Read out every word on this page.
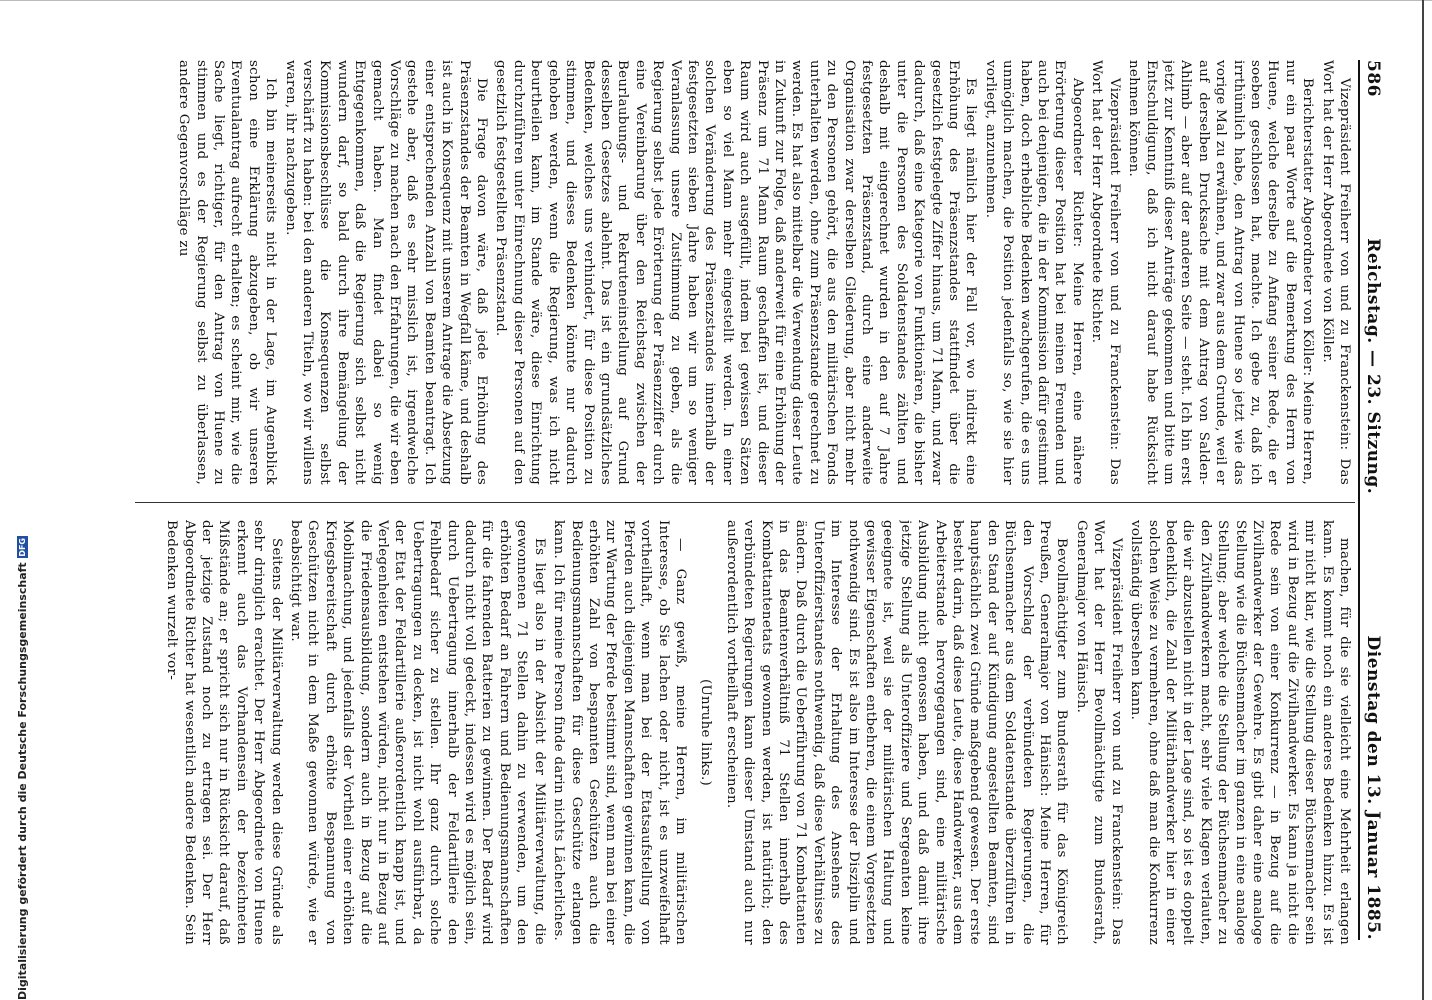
586
Reichstag. — 23. Sitzung.
Dienstag den 13. Januar 1885.

Vizepräsident Freiherr von und zu Franckenstein: Das Wort hat der Herr Abgeordnete von Köller.

Berichterstatter Abgeordneter von Köller: Meine Herren, nur ein paar Worte auf die Bemerkung des Herrn von Huene, welche derselbe zu Anfang seiner Rede, die er soeben geschlossen hat, machte. Ich gebe zu, daß ich irrthümlich habe, den Antrag von Huene so jetzt wie das vorige Mal zu erwähnen, und zwar aus dem Grunde, weil er auf derselben Drucksache mit dem Antrag von Salden-Ahlimb — aber auf der anderen Seite — steht. Ich bin erst jetzt zur Kenntniß dieser Anträge gekommen und bitte um Entschuldigung, daß ich nicht darauf habe Rücksicht nehmen können.

Vizepräsident Freiherr von und zu Franckenstein: Das Wort hat der Herr Abgeordnete Richter.

Abgeordneter Richter: Meine Herren, eine nähere Erörterung dieser Position hat bei meinen Freunden und auch bei denjenigen, die in der Kommission dafür gestimmt haben, doch erhebliche Bedenken wachgerufen, die es uns unmöglich machen, die Position jedenfalls so, wie sie hier vorliegt, anzunehmen.

Es liegt nämlich hier der Fall vor, wo indirekt eine Erhöhung des Präsenzstandes stattfindet über die gesetzlich festgelegte Ziffer hinaus, um 71 Mann, und zwar dadurch, daß eine Kategorie von Funktionären, die bisher unter die Personen des Soldatenstandes zählten und deshalb mit eingerechnet wurden in den auf 7 Jahre festgesetzten Präsenzstand, durch eine anderweite Organisation zwar derselben Gliederung, aber nicht mehr zu den Personen gehört, die aus den militärischen Fonds unterhalten werden, ohne zum Präsenzstande gerechnet zu werden. Es hat also mittelbar die Verwendung dieser Leute in Zukunft zur Folge, daß anderweit für eine Erhöhung der Präsenz um 71 Mann Raum geschaffen ist, und dieser Raum wird auch ausgefüllt, indem bei gewissen Sätzen eben so viel Mann mehr eingestellt werden. In einer solchen Veränderung des Präsenzstandes innerhalb der festgesetzten sieben Jahre haben wir um so weniger Veranlassung unsere Zustimmung zu geben, als die Regierung selbst jede Erörterung der Präsenzziffer durch eine Vereinbarung über den Reichstag zwischen der Beurlaubungs- und Rekruteneinstellung auf Grund desselben Gesetzes ablehnt. Das ist ein grundsätzliches Bedenken, welches uns verhindert, für diese Position zu stimmen, und dieses Bedenken könnte nur dadurch gehoben werden, wenn die Regierung, was ich nicht beurtheilen kann, im Stande wäre, diese Einrichtung durchzuführen unter Einrechnung dieser Personen auf den gesetzlich festgestellten Präsenzstand.

Die Frage davon wäre, daß jede Erhöhung des Präsenzstandes der Beamten in Wegfall käme, und deshalb ist auch in Konsequenz mit unserem Antrage die Absetzung einer entsprechenden Anzahl von Beamten beantragt. Ich gestehe aber, daß es sehr misslich ist, irgendwelche Vorschläge zu machen nach den Erfahrungen, die wir eben gemacht haben. Man findet dabei so wenig Entgegenkommen, daß die Regierung sich selbst nicht wundern darf, so bald durch ihre Bemängelung der Kommissionsbeschlüsse die Konsequenzen selbst verschärft zu haben: bei den anderen Titeln, wo wir willens waren, ihr nachzugeben.

Ich bin meinerseits nicht in der Lage, im Augenblick schon eine Erklärung abzugeben, ob wir unseren Eventualantrag aufrecht erhalten; es scheint mir, wie die Sache liegt, richtiger, für den Antrag von Huene zu stimmen und es der Regierung selbst zu überlassen, andere Gegenvorschläge zu

machen, für die sie vielleicht eine Mehrheit erlangen kann. Es kommt noch ein anderes Bedenken hinzu. Es ist mir nicht klar, wie die Stellung dieser Büchsenmacher sein wird in Bezug auf die Zivilhandwerker. Es kann ja nicht die Rede sein von einer Konkurrenz — in Bezug auf die Zivilhandwerker der Gewehre. Es gibt daher eine analoge Stellung wie die Büchsenmacher im ganzen in eine analoge Stellung; aber welche die Stellung der Büchsenmacher zu den Zivilhandwerkern macht, sehr viele Klagen verlauten, die wir abzustellen nicht in der Lage sind, so ist es doppelt bedenklich, die Zahl der Militärhandwerker hier in einer solchen Weise zu vermehren, ohne daß man die Konkurrenz vollständig übersehen kann.

Vizepräsident Freiherr von und zu Franckenstein: Das Wort hat der Herr Bevollmächtigte zum Bundesrath, Generalmajor von Hänisch.

Bevollmächtigter zum Bundesrath für das Königreich Preußen, Generalmajor von Hänisch: Meine Herren, für den Vorschlag der verbündeten Regierungen, die Büchsenmacher aus dem Soldatenstande überzuführen in den Stand der auf Kündigung angestellten Beamten, sind hauptsächlich zwei Gründe maßgebend gewesen. Der erste besteht darin, daß diese Leute, diese Handwerker, aus dem Arbeiterstande hervorgegangen sind, eine militärische Ausbildung nicht genossen haben, und daß damit ihre jetzige Stellung als Unteroffiziere und Sergeanten keine geeignete ist, weil sie der militärischen Haltung und gewisser Eigenschaften entbehren, die einem Vorgesetzten nothwendig sind. Es ist also im Interesse der Disziplin und im Interesse der Erhaltung des Ansehens des Unteroffizierstandes nothwendig, daß diese Verhältnisse zu ändern. Daß durch die Ueberführung von 71 Kombattanten in das Beamtenverhältniß 71 Stellen innerhalb des Kombattantenetats gewonnen werden, ist natürlich; den verbündeten Regierungen kann dieser Umstand auch nur außerordentlich vortheilhaft erscheinen.

(Unruhe links.)

— Ganz gewiß, meine Herren, im militärischen Interesse, ob Sie lachen oder nicht, ist es unzweifelhaft vortheilhaft, wenn man bei der Etatsaufstellung von Pferden auch diejenigen Mannschaften gewinnen kann, die zur Wartung der Pferde bestimmt sind, wenn man bei einer erhöhten Zahl von bespannten Geschützen auch die Bedienungsmannschaften für diese Geschütze erlangen kann. Ich für meine Person finde darin nichts Lächerliches.

Es liegt also in der Absicht der Militärverwaltung, die gewonnenen 71 Stellen dahin zu verwenden, um den erhöhten Bedarf an Fahrern und Bedienungsmannschaften für die fahrenden Batterien zu gewinnen. Der Bedarf wird dadurch nicht voll gedeckt, indessen wird es möglich sein, durch Uebertragung innerhalb der Feldartillerie den Fehlbedarf sicher zu stellen. Ihr ganz durch solche Uebertragungen zu decken, ist nicht wohl ausführbar, da der Etat der Feldartillerie außerordentlich knapp ist, und Verlegenheiten entstehen würden, nicht nur in Bezug auf die Friedensausbildung, sondern auch in Bezug auf die Mobilmachung, und jedenfalls der Vortheil einer erhöhten Kriegsbereitschaft durch erhöhte Bespannung von Geschützen nicht in dem Maße gewonnen würde, wie er beabsichtigt war.

Seitens der Militärverwaltung werden diese Gründe als sehr dringlich erachtet. Der Herr Abgeordnete von Huene erkennt auch das Vorhandensein der bezeichneten Mißstände an; er spricht sich nur in Rücksicht darauf, daß der jetzige Zustand noch zu ertragen sei. Der Herr Abgeordnete Richter hat wesentlich andere Bedenken. Sein Bedenken wurzelt vor-

Digitalisierung gefördert durch die Deutsche Forschungsgemeinschaft
DFG
